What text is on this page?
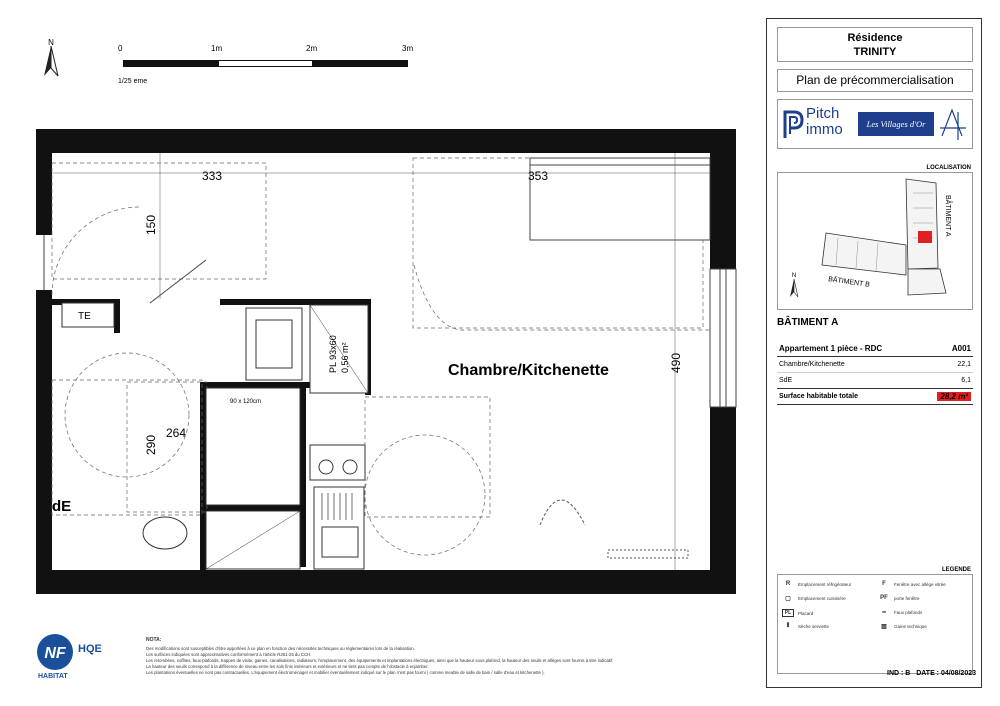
N
0	1m	2m	3m
1/25 eme
TE
90 x 120cm
333	353
150
490
290
264
PL 93x60 0,56 m²	Chambre/Kitchenette
dE
NF HQE
HABITAT
NOTA:
Des modifications sont susceptibles d'être apportées à ce plan en fonction des nécessités techniques ou réglementaires lors de la réalisation.
Les surfaces indiquées sont approximatives conformément à l'article R261-25 du CCH.
Les retombées, soffites, faux-plafonds, trappes de visite, gaines, canalisations, radiateurs, l'emplacement, des équipements et implantations électriques, ainsi que la hauteur sous plafond, la hauteur des seuils et allèges sont fournis à titre indicatif.
La hauteur des seuils correspond à la différence de niveau entre les sols finis intérieurs et extérieurs et ne tient pas compte de l'obstacle à enjamber.
Les plantations éventuelles ne sont pas contractuelles. L'équipement électroménager et mobilier éventuellement indiqué sur le plan n'est pas fourni ( comme meuble de salle de bain / salle d'eau et kitchenette ).
Résidence
TRINITY
Plan de précommercialisation
Pitch
immo	Les Villages d'Or
LOCALISATION
BÂTIMENT A
BÂTIMENT B
N
BÂTIMENT A
Appartement 1 pièce - RDC	A001
Chambre/Kitchenette	22,1
SdE	6,1
Surface habitable totale	28,2 m²
LEGENDE
R	Emplacement réfrigérateur
▢	Emplacement cuisinière
PL	Placard
⫴	Sèche serviette
F	Fenêtre avec allège vitrée
PF	porte fenêtre
┅	Faux plafonds
▨	Gaine technique
IND : B DATE : 04/08/2023
